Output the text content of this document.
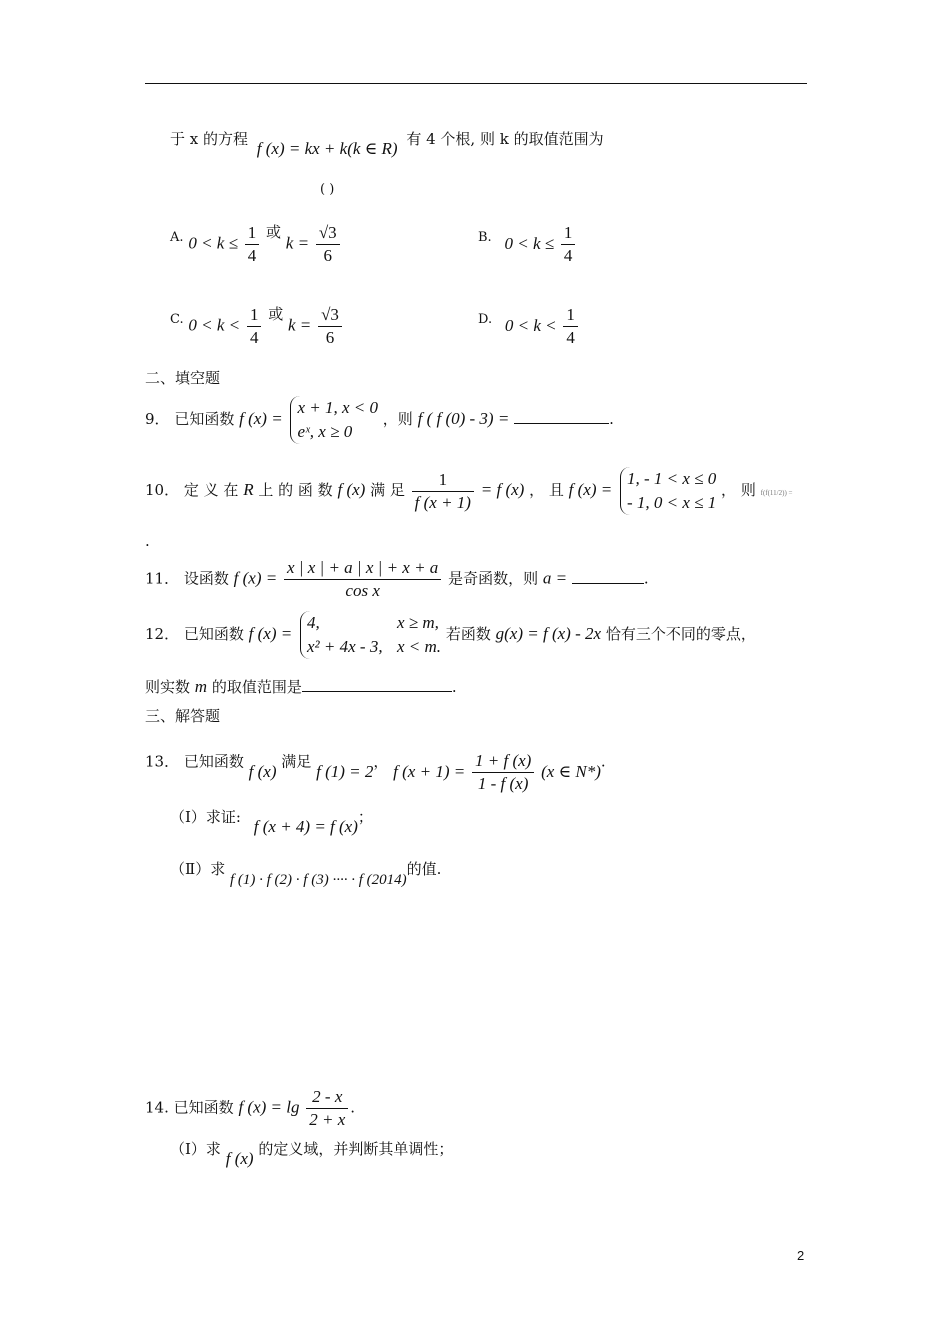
于 x 的方程 f (x) = kx + k(k ∈ R) 有 4 个根, 则 k 的取值范围为
( )
A. $0 < k \le \frac{1}{4}$ 或 $k = \frac{√3}{6}$	B. $0 < k \le \frac{1}{4}$
C. $0 < k < \frac{1}{4}$ 或 $k = \frac{√3}{6}$	D. $0 < k < \frac{1}{4}$
二、填空题
9． 已知函数 f (x) =
x + 1, x < 0
eˣ, x ≥ 0
，则 f ( f (0) - 3) =	.
10． 定 义 在 R 上 的 函 数 f (x) 满 足 $\frac{1}{f (x + 1)} = f$ (x) ， 且 f (x) =
1, - 1 < x ≤ 0
- 1, 0 < x ≤ 1
， 则 f(f(11/2)) =
.
11． 设函数 f $(x) = \frac{x | x | + a | x | + x + a}{\text{cos x}}$ 是奇函数，则 a =	.
12． 已知函数 f (x) =
4,	x ≥ m,
x² + 4x - 3, x < m.
若函数 g(x) = f (x) - 2x 恰有三个不同的零点，
则实数 m 的取值范围是	.
三、解答题
13． 已知函数 f (x) 满足 f (1) = 2， f $(x + 1) = \frac{1 + f (x)}{1 - f (x)} (x$ ∈ N*).
（Ⅰ）求证: f (x + 4) = f (x)；
（Ⅱ）求 f (1) · f (2) · f (3) ···· · f (2014)的值.
14. 已知函数 f $(x) = \lg \frac{2 - x}{2 + x}$ .
（Ⅰ）求 f (x) 的定义域，并判断其单调性；
2
